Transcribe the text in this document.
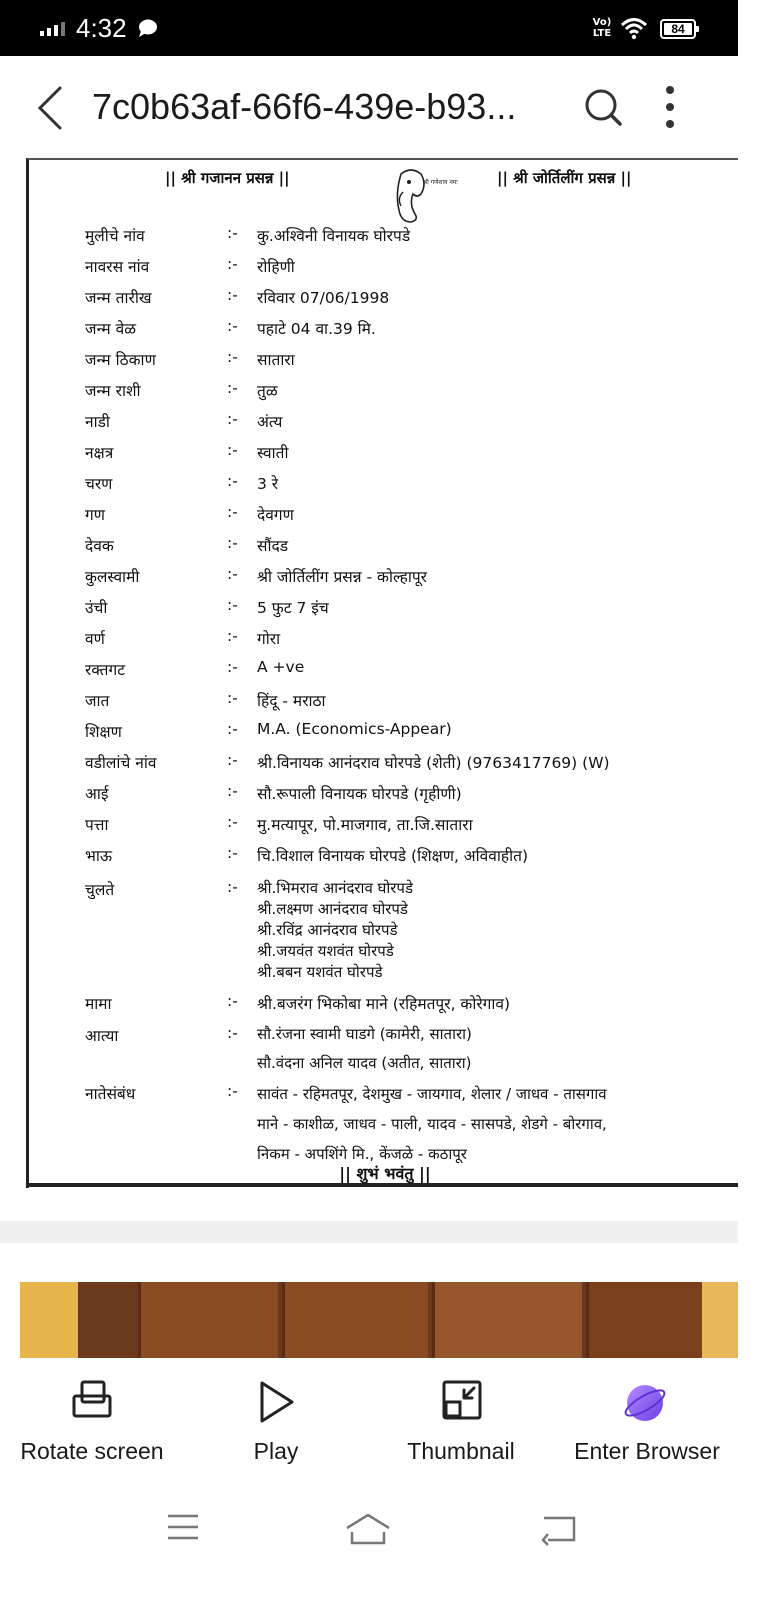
4:32	Vo) LTE	84
7c0b63af-66f6-439e-b93...
|| श्री गजानन प्रसन्न ||	श्री गणेशाय नमः	|| श्री जोर्तिलींग प्रसन्न ||
मुलीचे नांव	:- कु.अश्विनी विनायक घोरपडे
नावरस नांव	:- रोहिणी
जन्म तारीख	:- रविवार 07/06/1998
जन्म वेळ	:- पहाटे 04 वा.39 मि.
जन्म ठिकाण	:- सातारा
जन्म राशी	:- तुळ
नाडी	:- अंत्य
नक्षत्र	:- स्वाती
चरण	:- 3 रे
गण	:- देवगण
देवक	:- सौंदड
कुलस्वामी	:- श्री जोर्तिलींग प्रसन्न - कोल्हापूर
उंची	:- 5 फुट 7 इंच
वर्ण	:- गोरा
रक्तगट	:- A +ve
जात	:- हिंदू - मराठा
शिक्षण	:- M.A. (Economics-Appear)
वडीलांचे नांव	:- श्री.विनायक आनंदराव घोरपडे (शेती) (9763417769) (W)
आई	:- सौ.रूपाली विनायक घोरपडे (गृहीणी)
पत्ता	:- मु.मत्यापूर, पो.माजगाव, ता.जि.सातारा
भाऊ	:- चि.विशाल विनायक घोरपडे (शिक्षण, अविवाहीत)
चुलते	:- श्री.भिमराव आनंदराव घोरपडे
श्री.लक्ष्मण आनंदराव घोरपडे
श्री.रविंद्र आनंदराव घोरपडे
श्री.जयवंत यशवंत घोरपडे
श्री.बबन यशवंत घोरपडे
मामा	:- श्री.बजरंग भिकोबा माने (रहिमतपूर, कोरेगाव)
आत्या	:- सौ.रंजना स्वामी घाडगे (कामेरी, सातारा)
सौ.वंदना अनिल यादव (अतीत, सातारा)
नातेसंबंध	:- सावंत - रहिमतपूर, देशमुख - जायगाव, शेलार / जाधव - तासगाव
माने - काशीळ, जाधव - पाली, यादव - सासपडे, शेडगे - बोरगाव,
निकम - अपशिंगे मि., केंजळे - कठापूर
|| शुभं भवंतु ||
Rotate screen	Play	Thumbnail	Enter Browser
